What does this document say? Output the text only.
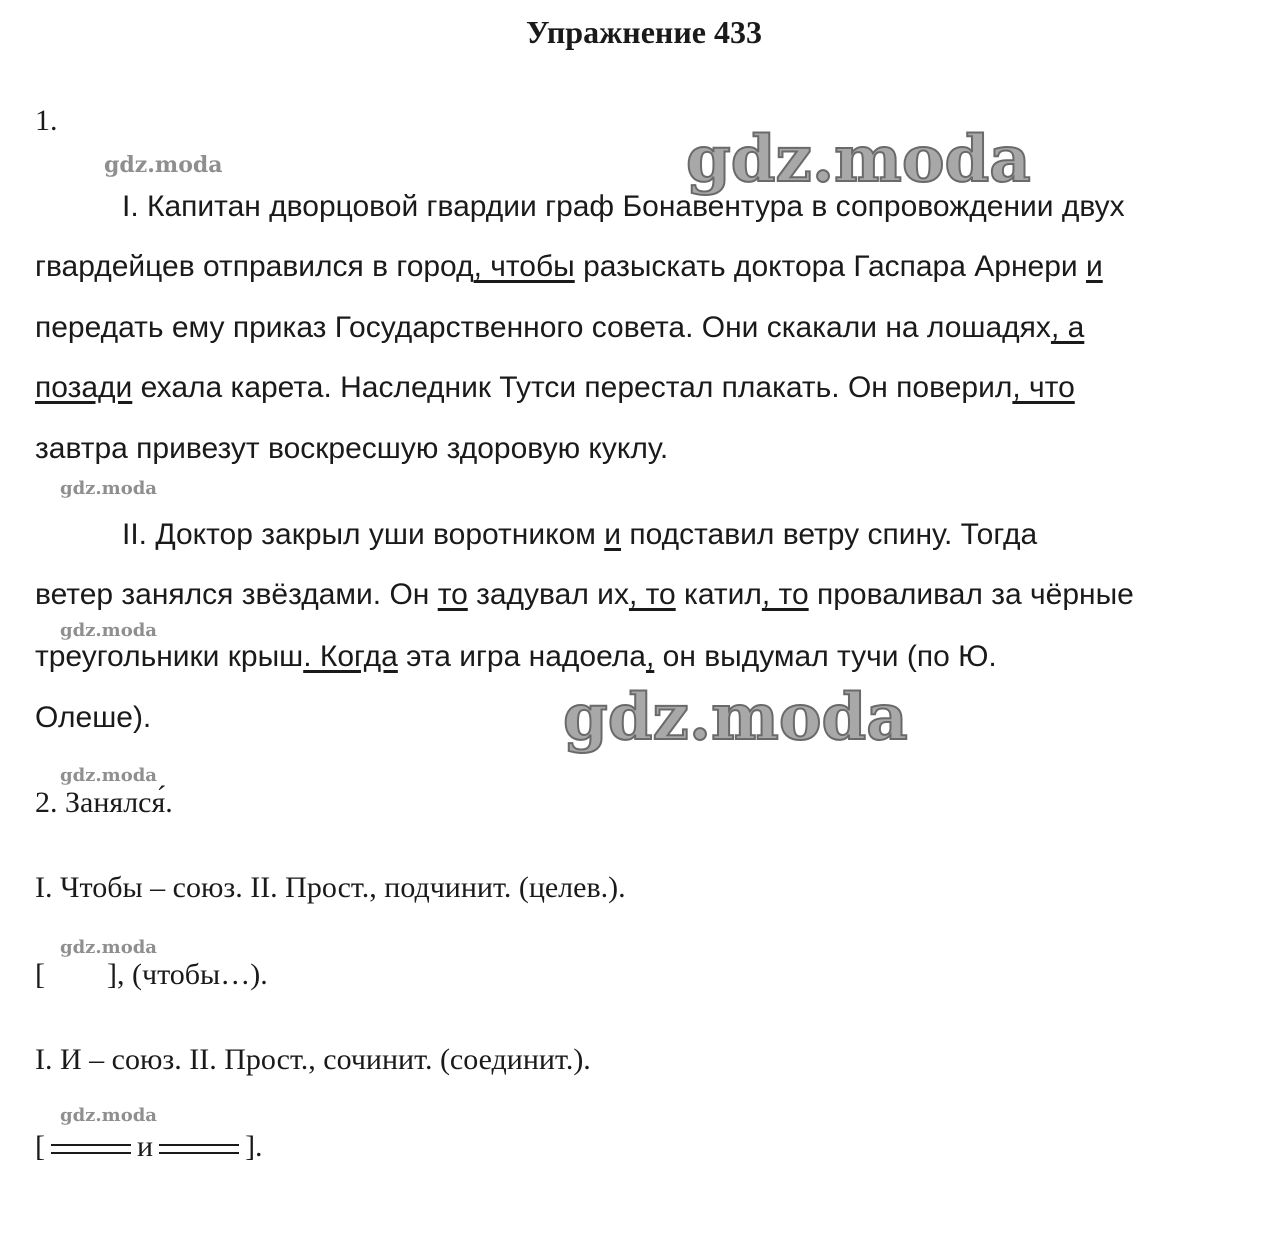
Упражнение 433
1.
I. Капитан дворцовой гвардии граф Бонавентура в сопровождении двух
гвардейцев отправился в город, чтобы разыскать доктора Гаспара Арнери и
передать ему приказ Государственного совета. Они скакали на лошадях, а
позади ехала карета. Наследник Тутси перестал плакать. Он поверил, что
завтра привезут воскресшую здоровую куклу.
II. Доктор закрыл уши воротником и подставил ветру спину. Тогда
ветер занялся звёздами. Он то задувал их, то катил, то проваливал за чёрные
треугольники крыш. Когда эта игра надоела, он выдумал тучи (по Ю.
Олеше).
2. Занялся́.
I. Чтобы – союз. II. Прост., подчинит. (целев.).
[ ], (чтобы…).
I. И – союз. II. Прост., сочинит. (соединит.).
[	и	].
gdz.moda	gdz.moda
gdz.moda
gdz.moda
gdz.moda
gdz.moda
gdz.moda
gdz.moda
